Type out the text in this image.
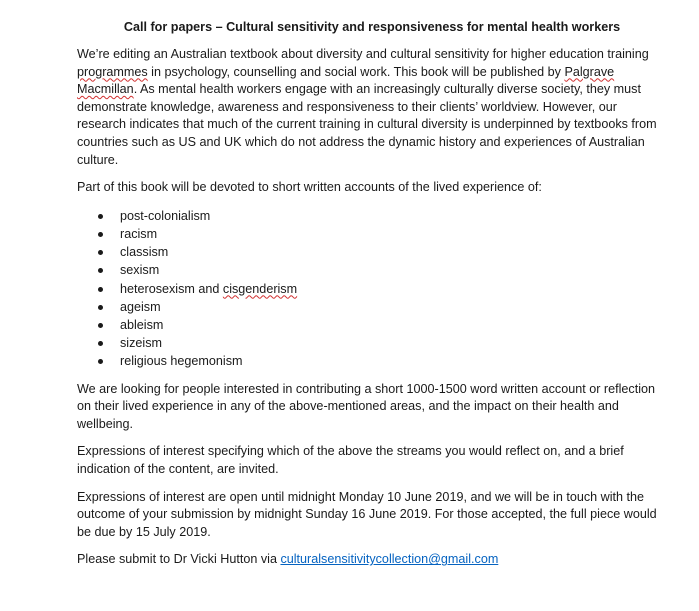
Call for papers – Cultural sensitivity and responsiveness for mental health workers

We’re editing an Australian textbook about diversity and cultural sensitivity for higher education training programmes in psychology, counselling and social work. This book will be published by Palgrave Macmillan. As mental health workers engage with an increasingly culturally diverse society, they must demonstrate knowledge, awareness and responsiveness to their clients’ worldview. However, our research indicates that much of the current training in cultural diversity is underpinned by textbooks from countries such as US and UK which do not address the dynamic history and experiences of Australian culture.

Part of this book will be devoted to short written accounts of the lived experience of:

post-colonialism
racism
classism
sexism
heterosexism and cisgenderism
ageism
ableism
sizeism
religious hegemonism

We are looking for people interested in contributing a short 1000-1500 word written account or reflection on their lived experience in any of the above-mentioned areas, and the impact on their health and wellbeing.

Expressions of interest specifying which of the above the streams you would reflect on, and a brief indication of the content, are invited.

Expressions of interest are open until midnight Monday 10 June 2019, and we will be in touch with the outcome of your submission by midnight Sunday 16 June 2019. For those accepted, the full piece would be due by 15 July 2019.

Please submit to Dr Vicki Hutton via culturalsensitivitycollection@gmail.com
